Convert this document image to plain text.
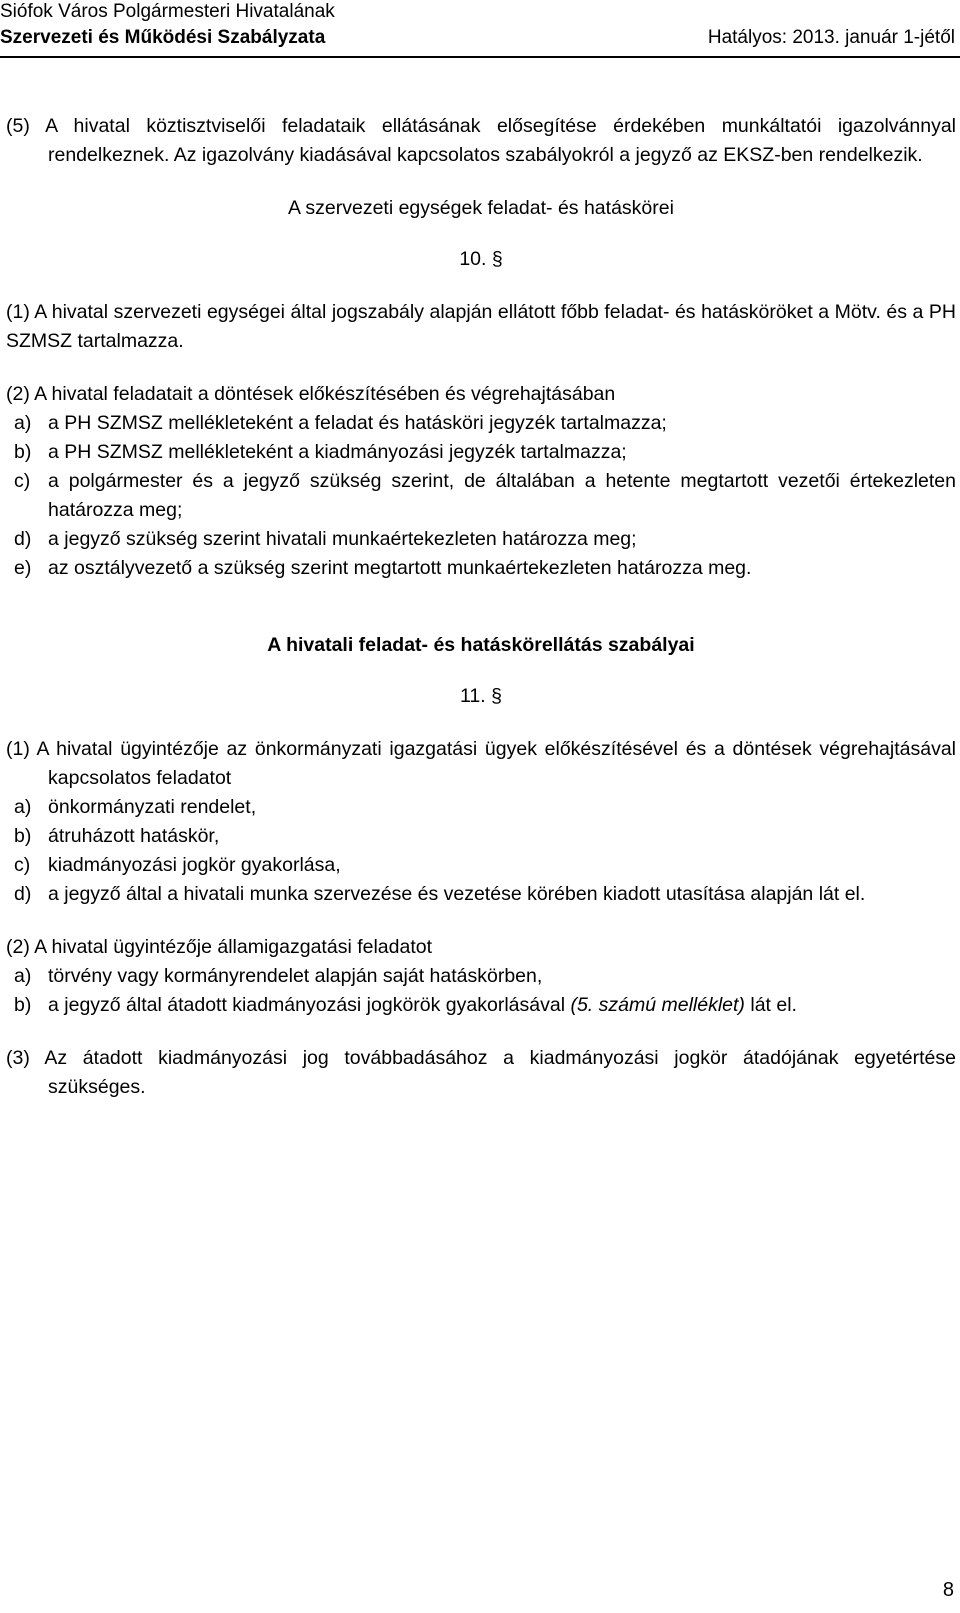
Siófok Város Polgármesteri Hivatalának
Szervezeti és Működési Szabályzata	Hatályos: 2013. január 1-jétől

(5) A hivatal köztisztviselői feladataik ellátásának elősegítése érdekében munkáltatói igazolvánnyal rendelkeznek. Az igazolvány kiadásával kapcsolatos szabályokról a jegyző az EKSZ-ben rendelkezik.

A szervezeti egységek feladat- és hatáskörei
10. §

(1) A hivatal szervezeti egységei által jogszabály alapján ellátott főbb feladat- és hatásköröket a Mötv. és a PH SZMSZ tartalmazza.

(2) A hivatal feladatait a döntések előkészítésében és végrehajtásában

a) a PH SZMSZ mellékleteként a feladat és hatásköri jegyzék tartalmazza;
b) a PH SZMSZ mellékleteként a kiadmányozási jegyzék tartalmazza;
c) a polgármester és a jegyző szükség szerint, de általában a hetente megtartott vezetői értekezleten határozza meg;
d) a jegyző szükség szerint hivatali munkaértekezleten határozza meg;
e) az osztályvezető a szükség szerint megtartott munkaértekezleten határozza meg.
A hivatali feladat- és hatáskörellátás szabályai
11. §

(1) A hivatal ügyintézője az önkormányzati igazgatási ügyek előkészítésével és a döntések végrehajtásával kapcsolatos feladatot

a) önkormányzati rendelet,
b) átruházott hatáskör,
c) kiadmányozási jogkör gyakorlása,
d) a jegyző által a hivatali munka szervezése és vezetése körében kiadott utasítása alapján lát el.

(2) A hivatal ügyintézője államigazgatási feladatot

a) törvény vagy kormányrendelet alapján saját hatáskörben,
b) a jegyző által átadott kiadmányozási jogkörök gyakorlásával (5. számú melléklet) lát el.

(3) Az átadott kiadmányozási jog továbbadásához a kiadmányozási jogkör átadójának egyetértése szükséges.

8
